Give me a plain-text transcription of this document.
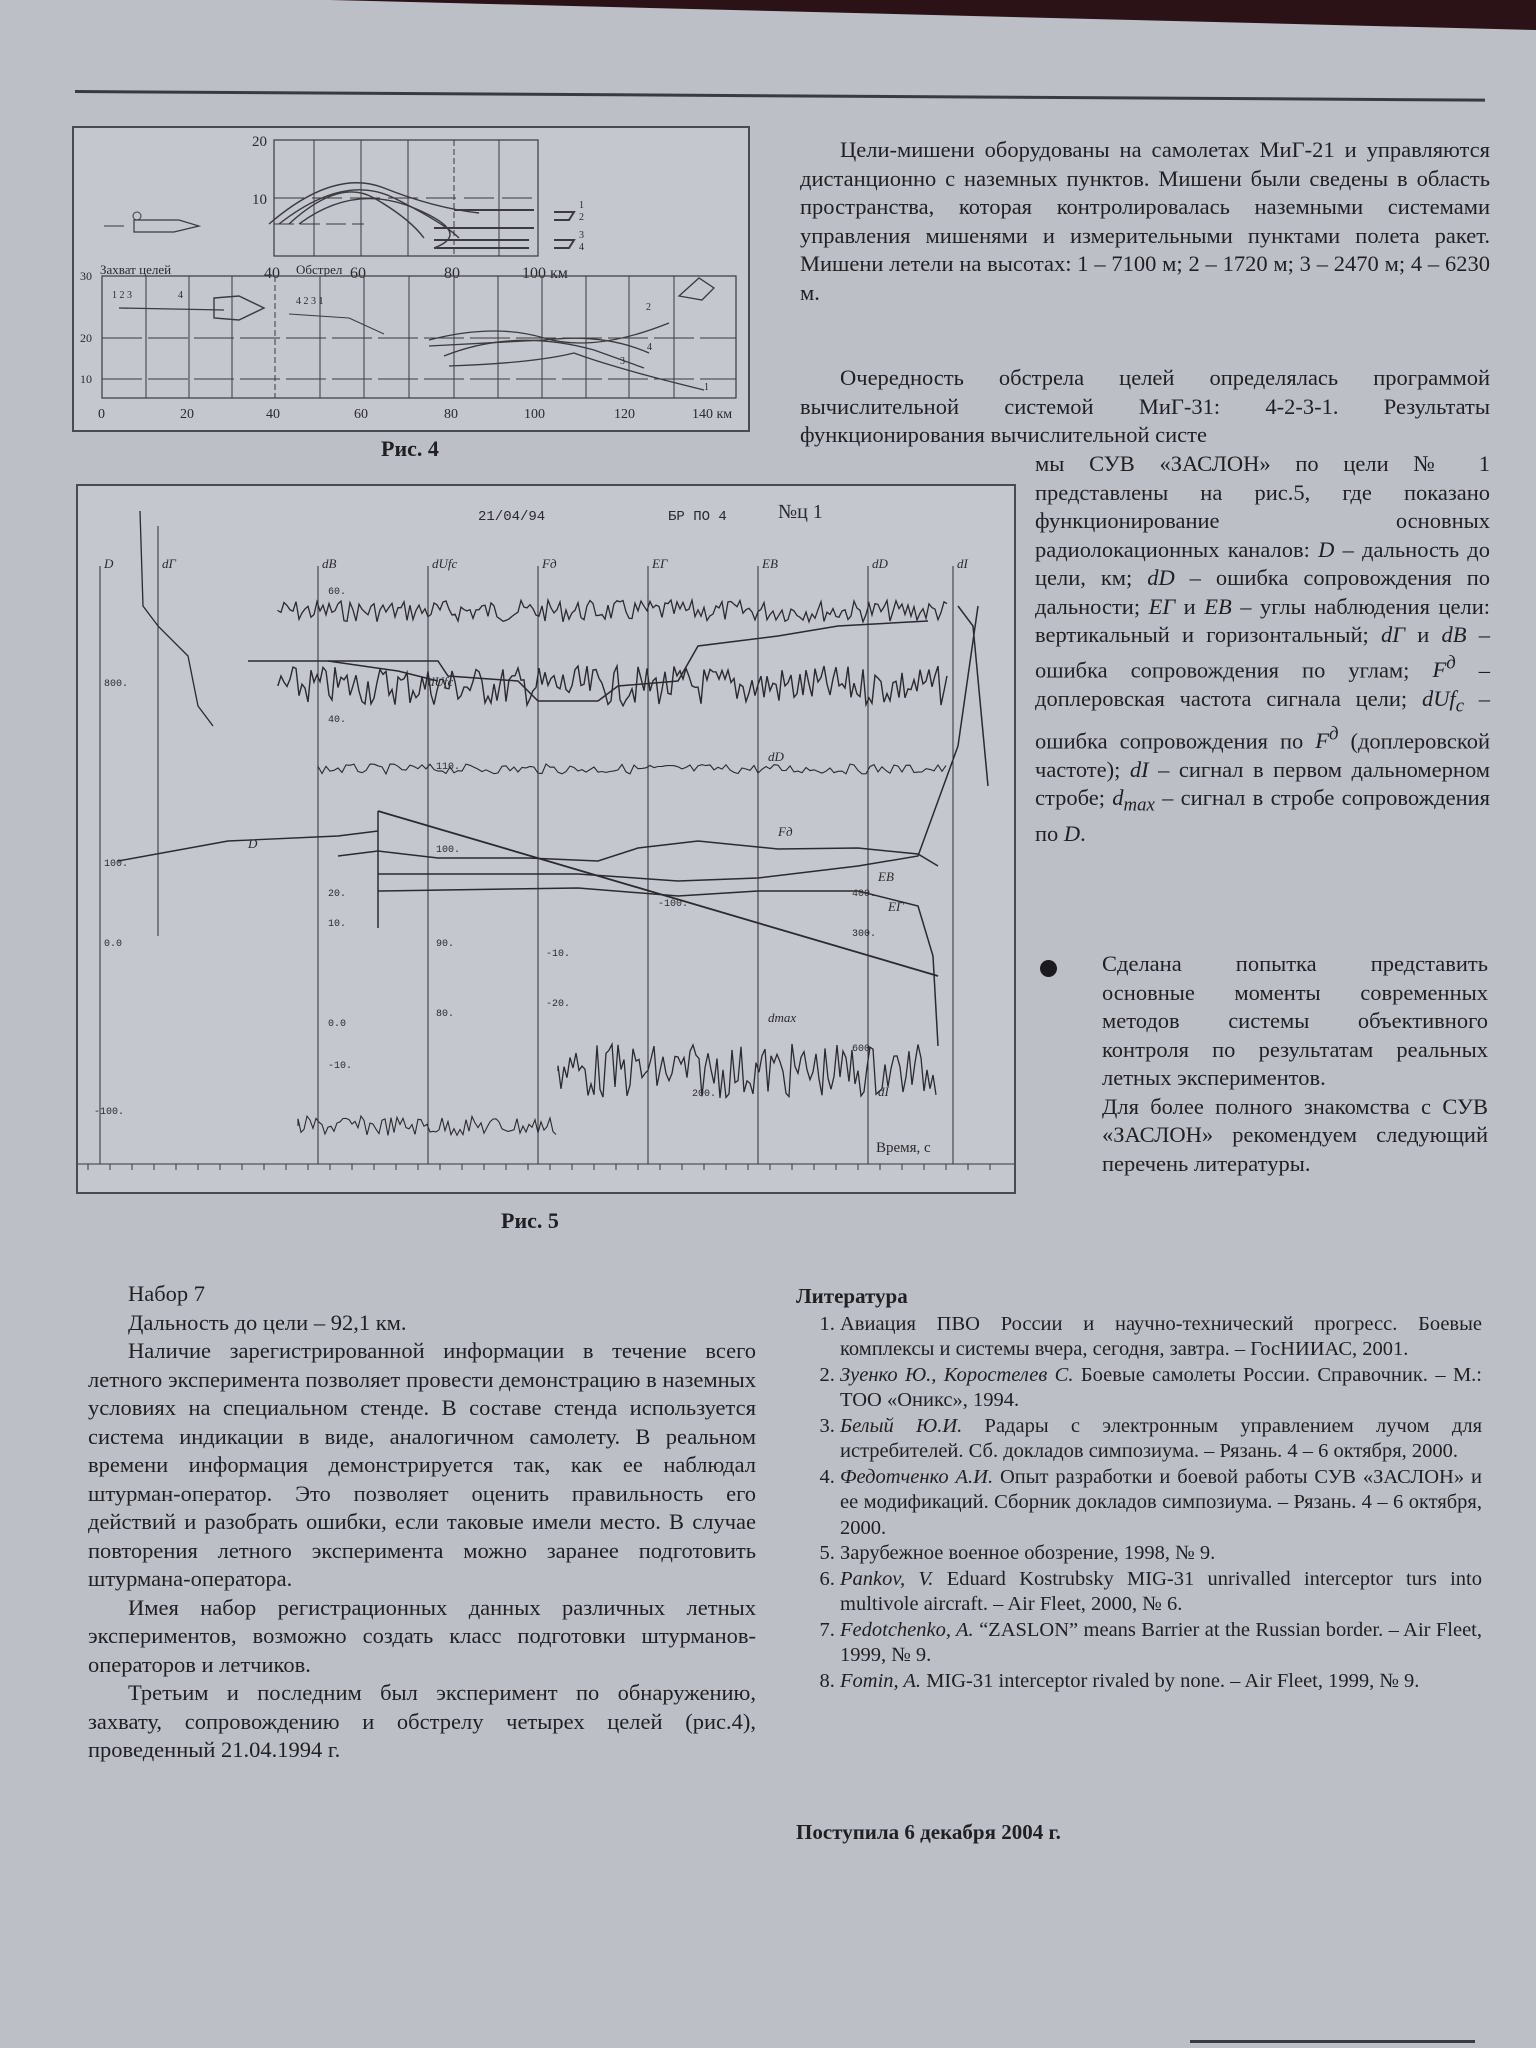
20
10
40	60	80	100 км
1
2
3
4
30
20
10
Захват целей	Обстрел
1 2 3	4
4 2 3 1
2
4
3
1
0	20	40	60	80	100	120	140 км
Рис. 4
21/04/94	БР ПО 4	№ц 1
D	dГ	dB	dUfc	Fд	ЕГ	ЕВ	dD	dI
800.
100.
0.0
-100.
60.
40.
20.
10.
0.0
-10.
110.
100.
90.
80.
-10.
-20.
-100.
300.
400.
200.
600.
dUfc
dD
Fд
D
ЕВ
ЕГ
dmax
dI
Время, с
Рис. 5

Цели-мишени оборудованы на самолетах МиГ-21 и управляются дистанционно с наземных пунктов. Мишени были сведены в область пространства, которая контролировалась наземными системами управления мишенями и измерительными пунктами полета ракет. Мишени летели на высотах: 1 – 7100 м; 2 – 1720 м; 3 – 2470 м; 4 – 6230 м.

Очередность обстрела целей определялась программой вычислительной системой МиГ-31: 4-2-3-1. Результаты функционирования вычислительной систе

мы СУВ «ЗАСЛОН» по цели № 1 представлены на рис.5, где показано функционирование основных радиолокационных каналов: D – дальность до цели, км; dD – ошибка сопровождения по дальности; ЕГ и ЕВ – углы наблюдения цели: вертикальный и горизонтальный; dГ и dВ – ошибка сопровождения по углам; $F^д$ – доплеровская частота сигнала цели; dUf$_c$ – ошибка сопровождения по $F^д$ (доплеровской частоте); dI – сигнал в первом дальномерном стробе; $d_{max}$ – сигнал в стробе сопровождения по D.

Сделана попытка представить основные моменты современных методов системы объективного контроля по результатам реальных летных экспериментов.

Для более полного знакомства с СУВ «ЗАСЛОН» рекомендуем следующий перечень литературы.

Набор 7

Дальность до цели – 92,1 км.

Наличие зарегистрированной информации в течение всего летного эксперимента позволяет провести демонстрацию в наземных условиях на специальном стенде. В составе стенда используется система индикации в виде, аналогичном самолету. В реальном времени информация демонстрируется так, как ее наблюдал штурман-оператор. Это позволяет оценить правильность его действий и разобрать ошибки, если таковые имели место. В случае повторения летного эксперимента можно заранее подготовить штурмана-оператора.

Имея набор регистрационных данных различных летных экспериментов, возможно создать класс подготовки штурманов-операторов и летчиков.

Третьим и последним был эксперимент по обнаружению, захвату, сопровождению и обстрелу четырех целей (рис.4), проведенный 21.04.1994 г.

Литература
1. Авиация ПВО России и научно-технический прогресс. Боевые комплексы и системы вчера, сегодня, завтра. – ГосНИИАС, 2001.
2. Зуенко Ю., Коростелев С. Боевые самолеты России. Справочник. – М.: ТОО «Оникс», 1994.
3. Белый Ю.И. Радары с электронным управлением лучом для истребителей. Сб. докладов симпозиума. – Рязань. 4 – 6 октября, 2000.
4. Федотченко А.И. Опыт разработки и боевой работы СУВ «ЗАСЛОН» и ее модификаций. Сборник докладов симпозиума. – Рязань. 4 – 6 октября, 2000.
5. Зарубежное военное обозрение, 1998, № 9.
6. Pankov, V. Eduard Kostrubsky MIG-31 unrivalled interceptor turs into multivole aircraft. – Air Fleet, 2000, № 6.
7. Fedotchenko, A. “ZASLON” means Barrier at the Russian border. – Air Fleet, 1999, № 9.
8. Fomin, A. MIG-31 interceptor rivaled by none. – Air Fleet, 1999, № 9.
Поступила 6 декабря 2004 г.
